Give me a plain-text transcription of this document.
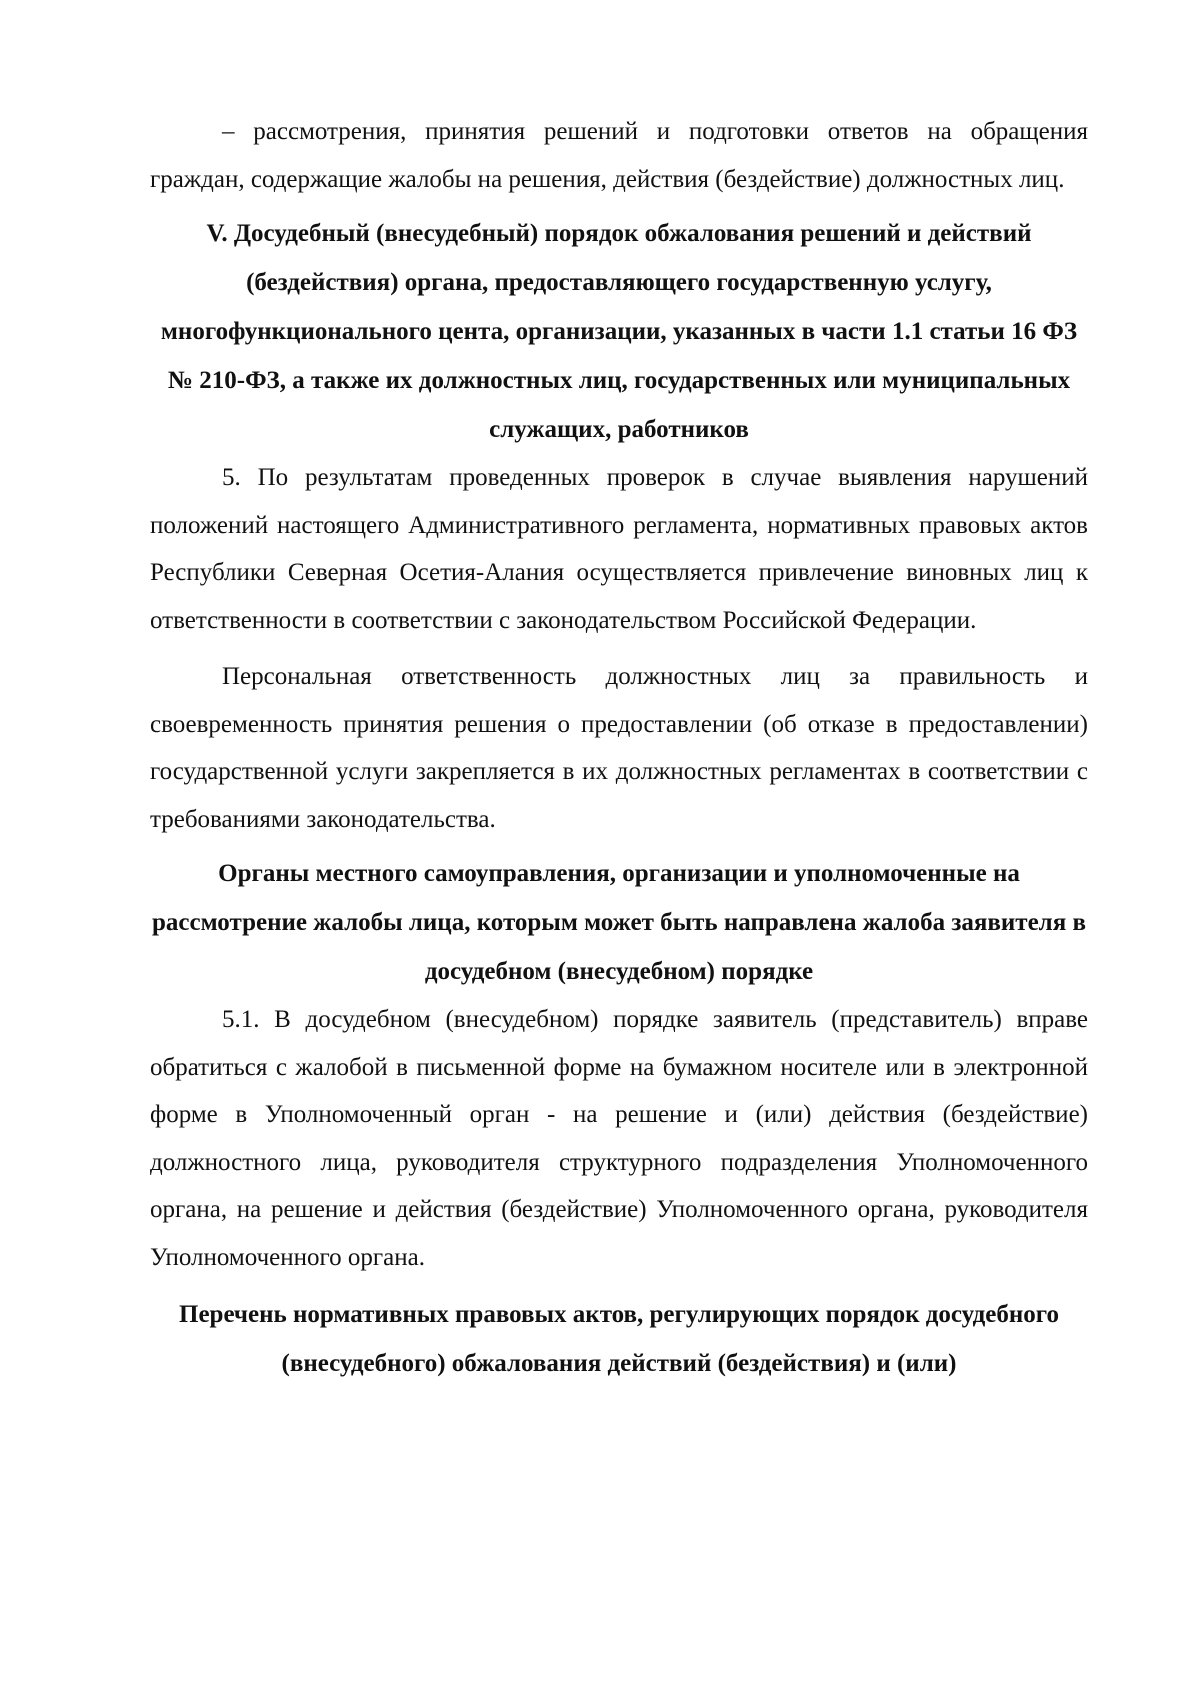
– рассмотрения, принятия решений и подготовки ответов на обращения граждан, содержащие жалобы на решения, действия (бездействие) должностных лиц.

V. Досудебный (внесудебный) порядок обжалования решений и действий (бездействия) органа, предоставляющего государственную услугу, многофункционального цента, организации, указанных в части 1.1 статьи 16 ФЗ № 210-ФЗ, а также их должностных лиц, государственных или муниципальных служащих, работников

5. По результатам проведенных проверок в случае выявления нарушений положений настоящего Административного регламента, нормативных правовых актов Республики Северная Осетия-Алания осуществляется привлечение виновных лиц к ответственности в соответствии с законодательством Российской Федерации.

Персональная ответственность должностных лиц за правильность и своевременность принятия решения о предоставлении (об отказе в предоставлении) государственной услуги закрепляется в их должностных регламентах в соответствии с требованиями законодательства.

Органы местного самоуправления, организации и уполномоченные на рассмотрение жалобы лица, которым может быть направлена жалоба заявителя в досудебном (внесудебном) порядке

5.1. В досудебном (внесудебном) порядке заявитель (представитель) вправе обратиться с жалобой в письменной форме на бумажном носителе или в электронной форме в Уполномоченный орган - на решение и (или) действия (бездействие) должностного лица, руководителя структурного подразделения Уполномоченного органа, на решение и действия (бездействие) Уполномоченного органа, руководителя Уполномоченного органа.

Перечень нормативных правовых актов, регулирующих порядок досудебного (внесудебного) обжалования действий (бездействия) и (или)
